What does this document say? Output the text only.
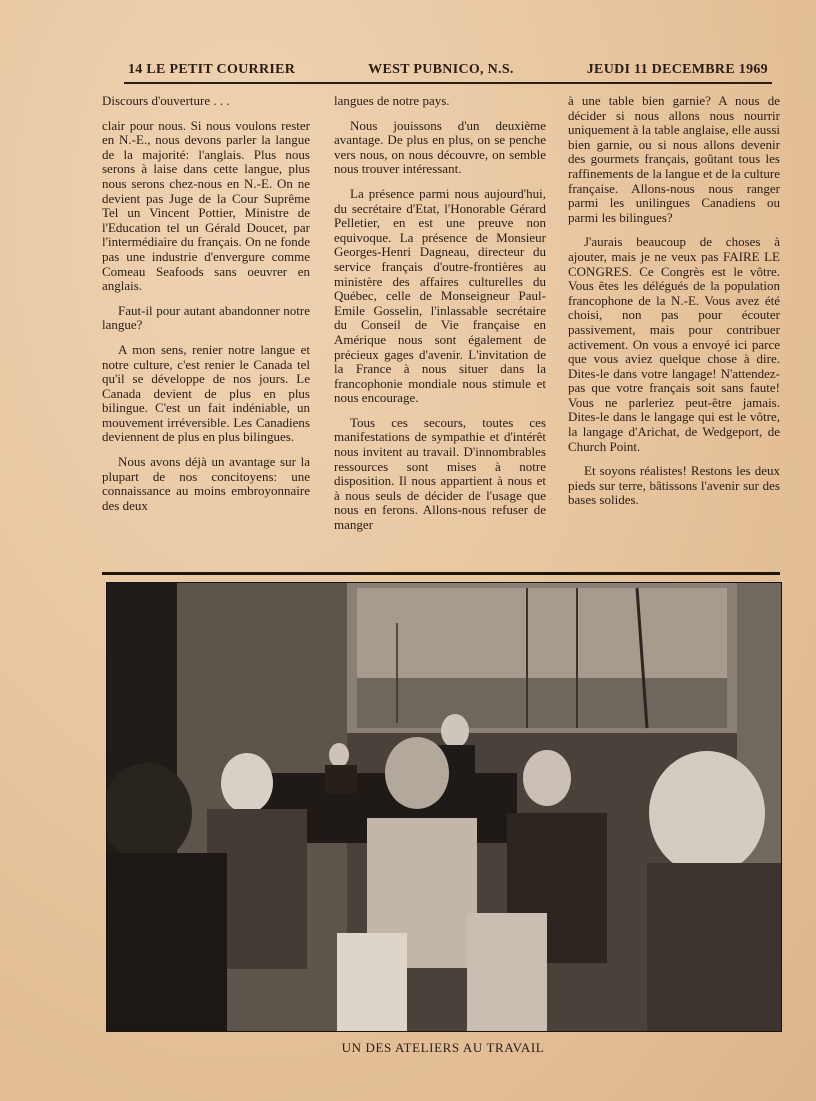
14 LE PETIT COURRIER	WEST PUBNICO, N.S.	JEUDI 11 DECEMBRE 1969

Discours d'ouverture . . .

clair pour nous. Si nous voulons rester en N.-E., nous devons parler la langue de la majorité: l'anglais. Plus nous serons à laise dans cette langue, plus nous serons chez-nous en N.-E. On ne devient pas Juge de la Cour Suprême Tel un Vincent Pottier, Ministre de l'Education tel un Gérald Doucet, par l'intermédiaire du français. On ne fonde pas une industrie d'envergure comme Comeau Seafoods sans oeuvrer en anglais.

Faut-il pour autant abandonner notre langue?

A mon sens, renier notre langue et notre culture, c'est renier le Canada tel qu'il se développe de nos jours. Le Canada devient de plus en plus bilingue. C'est un fait indéniable, un mouvement irréversible. Les Canadiens deviennent de plus en plus bilingues.

Nous avons déjà un avantage sur la plupart de nos concitoyens: une connaissance au moins embroyonnaire des deux

langues de notre pays.

Nous jouissons d'un deuxième avantage. De plus en plus, on se penche vers nous, on nous découvre, on semble nous trouver intéressant.

La présence parmi nous aujourd'hui, du secrétaire d'Etat, l'Honorable Gérard Pelletier, en est une preuve non equivoque. La présence de Monsieur Georges-Henri Dagneau, directeur du service français d'outre-frontières au ministère des affaires culturelles du Québec, celle de Monseigneur Paul-Emile Gosselin, l'inlassable secrétaire du Conseil de Vie française en Amérique nous sont également de précieux gages d'avenir. L'invitation de la France à nous situer dans la francophonie mondiale nous stimule et nous encourage.

Tous ces secours, toutes ces manifestations de sympathie et d'intérêt nous invitent au travail. D'innombrables ressources sont mises à notre disposition. Il nous appartient à nous et à nous seuls de décider de l'usage que nous en ferons. Allons-nous refuser de manger

à une table bien garnie? A nous de décider si nous allons nous nourrir uniquement à la table anglaise, elle aussi bien garnie, ou si nous allons devenir des gourmets français, goûtant tous les raffinements de la langue et de la culture française. Allons-nous nous ranger parmi les unilingues Canadiens ou parmi les bilingues?

J'aurais beaucoup de choses à ajouter, mais je ne veux pas FAIRE LE CONGRES. Ce Congrès est le vôtre. Vous êtes les délégués de la population francophone de la N.-E. Vous avez été choisi, non pas pour écouter passivement, mais pour contribuer activement. On vous a envoyé ici parce que vous aviez quelque chose à dire. Dites-le dans votre langage! N'attendez-pas que votre français soit sans faute! Vous ne parleriez peut-être jamais. Dites-le dans le langage qui est le vôtre, la langage d'Arichat, de Wedgeport, de Church Point.

Et soyons réalistes! Restons les deux pieds sur terre, bâtissons l'avenir sur des bases solides.

UN DES ATELIERS AU TRAVAIL
